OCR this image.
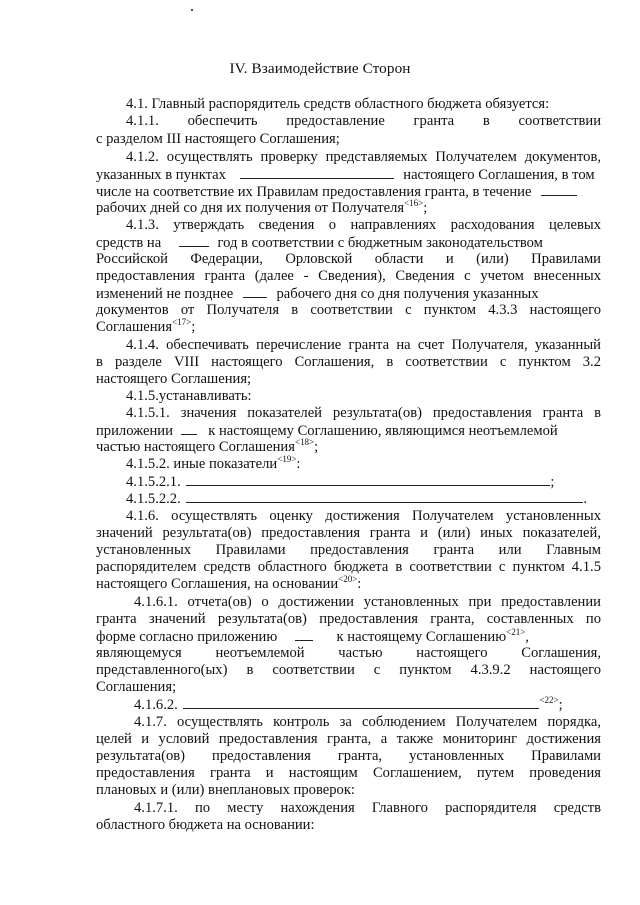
IV. Взаимодействие Сторон
4.1. Главный распорядитель средств областного бюджета обязуется:
4.1.1. обеспечить предоставление гранта в соответствии
с разделом III настоящего Соглашения;
4.1.2. осуществлять проверку представляемых Получателем документов,
указанных в пунктах	настоящего Соглашения, в том
числе на соответствие их Правилам предоставления гранта, в течение
рабочих дней со дня их получения от Получателя$^{<16>}$;
4.1.3. утверждать сведения о направлениях расходования целевых
средств на	год в соответствии с бюджетным законодательством
Российской Федерации, Орловской области и (или) Правилами
предоставления гранта (далее - Сведения), Сведения с учетом внесенных
изменений не позднее	рабочего дня со дня получения указанных
документов от Получателя в соответствии с пунктом 4.3.3 настоящего
Соглашения$^{<17>}$;
4.1.4. обеспечивать перечисление гранта на счет Получателя, указанный
в разделе VIII настоящего Соглашения, в соответствии с пунктом 3.2
настоящего Соглашения;
4.1.5.устанавливать:
4.1.5.1. значения показателей результата(ов) предоставления гранта в
приложении к настоящему Соглашению, являющимся неотъемлемой
частью настоящего Соглашения$^{<18>}$;
4.1.5.2. иные показатели$^{<19>}$:
4.1.5.2.1.	;
4.1.5.2.2.	.
4.1.6. осуществлять оценку достижения Получателем установленных
значений результата(ов) предоставления гранта и (или) иных показателей,
установленных Правилами предоставления гранта или Главным
распорядителем средств областного бюджета в соответствии с пунктом 4.1.5
настоящего Соглашения, на основании$^{<20>}$:
4.1.6.1. отчета(ов) о достижении установленных при предоставлении
гранта значений результата(ов) предоставления гранта, составленных по
форме согласно приложению	к настоящему Соглашению$^{<21>}$,
являющемуся неотъемлемой частью настоящего Соглашения,
представленного(ых) в соответствии с пунктом 4.3.9.2 настоящего
Соглашения;
4.1.6.2.	$^{<22>}$;
4.1.7. осуществлять контроль за соблюдением Получателем порядка,
целей и условий предоставления гранта, а также мониторинг достижения
результата(ов) предоставления гранта, установленных Правилами
предоставления гранта и настоящим Соглашением, путем проведения
плановых и (или) внеплановых проверок:
4.1.7.1. по месту нахождения Главного распорядителя средств
областного бюджета на основании:
